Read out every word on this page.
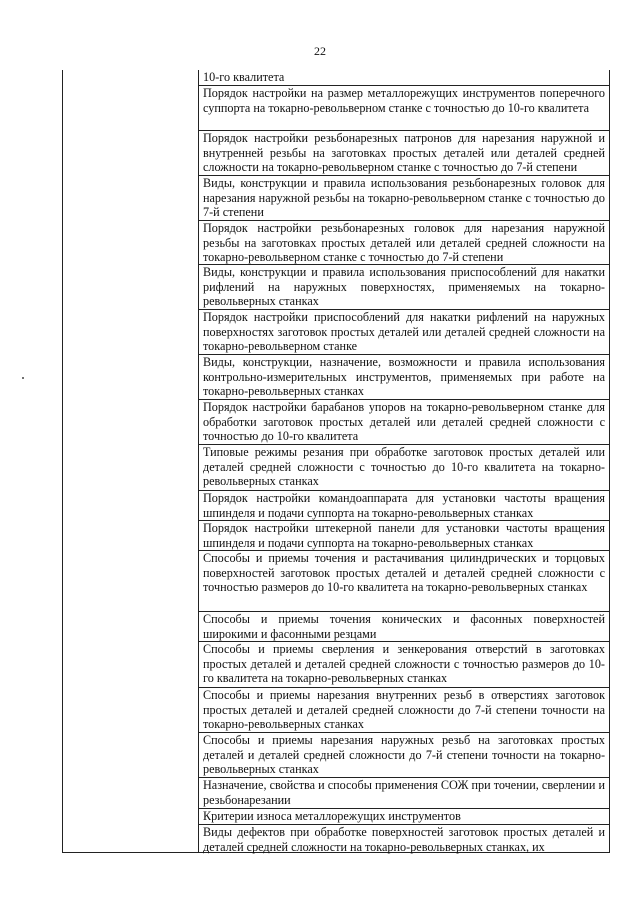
22
10-го квалитета
Порядок настройки на размер металлорежущих инструментов поперечного суппорта на токарно-револьверном станке с точностью до 10-го квалитета
Порядок настройки резьбонарезных патронов для нарезания наружной и внутренней резьбы на заготовках простых деталей или деталей средней сложности на токарно-револьверном станке с точностью до 7-й степени
Виды, конструкции и правила использования резьбонарезных головок для нарезания наружной резьбы на токарно-револьверном станке с точностью до 7-й степени
Порядок настройки резьбонарезных головок для нарезания наружной резьбы на заготовках простых деталей или деталей средней сложности на токарно-револьверном станке с точностью до 7-й степени
Виды, конструкции и правила использования приспособлений для накатки рифлений на наружных поверхностях, применяемых на токарно-револьверных станках
Порядок настройки приспособлений для накатки рифлений на наружных поверхностях заготовок простых деталей или деталей средней сложности на токарно-револьверном станке
Виды, конструкции, назначение, возможности и правила использования контрольно-измерительных инструментов, применяемых при работе на токарно-револьверных станках
Порядок настройки барабанов упоров на токарно-револьверном станке для обработки заготовок простых деталей или деталей средней сложности с точностью до 10-го квалитета
Типовые режимы резания при обработке заготовок простых деталей или деталей средней сложности с точностью до 10-го квалитета на токарно-револьверных станках
Порядок настройки командоаппарата для установки частоты вращения шпинделя и подачи суппорта на токарно-револьверных станках
Порядок настройки штекерной панели для установки частоты вращения шпинделя и подачи суппорта на токарно-револьверных станках
Способы и приемы точения и растачивания цилиндрических и торцовых поверхностей заготовок простых деталей и деталей средней сложности с точностью размеров до 10-го квалитета на токарно-револьверных станках
Способы и приемы точения конических и фасонных поверхностей широкими и фасонными резцами
Способы и приемы сверления и зенкерования отверстий в заготовках простых деталей и деталей средней сложности с точностью размеров до 10-го квалитета на токарно-револьверных станках
Способы и приемы нарезания внутренних резьб в отверстиях заготовок простых деталей и деталей средней сложности до 7-й степени точности на токарно-револьверных станках
Способы и приемы нарезания наружных резьб на заготовках простых деталей и деталей средней сложности до 7-й степени точности на токарно-револьверных станках
Назначение, свойства и способы применения СОЖ при точении, сверлении и резьбонарезании
Критерии износа металлорежущих инструментов
Виды дефектов при обработке поверхностей заготовок простых деталей и деталей средней сложности на токарно-револьверных станках, их
